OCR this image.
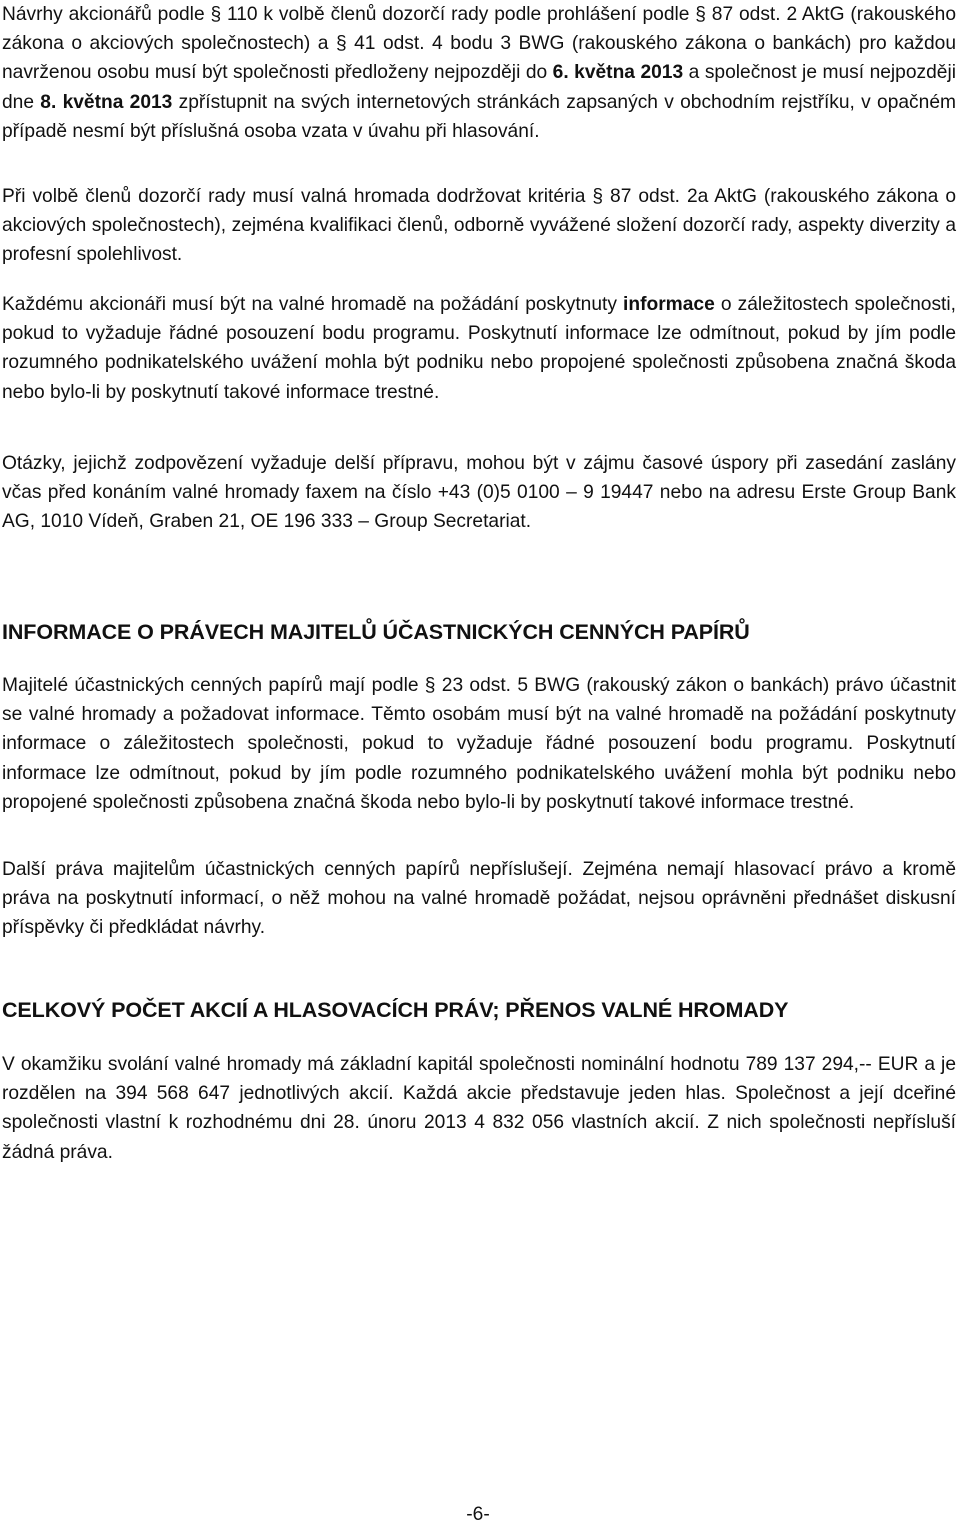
Návrhy akcionářů podle § 110 k volbě členů dozorčí rady podle prohlášení podle § 87 odst. 2 AktG (rakouského zákona o akciových společnostech) a § 41 odst. 4 bodu 3 BWG (rakouského zákona o bankách) pro každou navrženou osobu musí být společnosti předloženy nejpozději do 6. května 2013 a společnost je musí nejpozději dne 8. května 2013 zpřístupnit na svých internetových stránkách zapsaných v obchodním rejstříku, v opačném případě nesmí být příslušná osoba vzata v úvahu při hlasování.

Při volbě členů dozorčí rady musí valná hromada dodržovat kritéria § 87 odst. 2a AktG (rakouského zákona o akciových společnostech), zejména kvalifikaci členů, odborně vyvážené složení dozorčí rady, aspekty diverzity a profesní spolehlivost.

Každému akcionáři musí být na valné hromadě na požádání poskytnuty informace o záležitostech společnosti, pokud to vyžaduje řádné posouzení bodu programu. Poskytnutí informace lze odmítnout, pokud by jím podle rozumného podnikatelského uvážení mohla být podniku nebo propojené společnosti způsobena značná škoda nebo bylo-li by poskytnutí takové informace trestné.

Otázky, jejichž zodpovězení vyžaduje delší přípravu, mohou být v zájmu časové úspory při zasedání zaslány včas před konáním valné hromady faxem na číslo +43 (0)5 0100 – 9 19447 nebo na adresu Erste Group Bank AG, 1010 Vídeň, Graben 21, OE 196 333 – Group Secretariat.

INFORMACE O PRÁVECH MAJITELŮ ÚČASTNICKÝCH CENNÝCH PAPÍRŮ

Majitelé účastnických cenných papírů mají podle § 23 odst. 5 BWG (rakouský zákon o bankách) právo účastnit se valné hromady a požadovat informace. Těmto osobám musí být na valné hromadě na požádání poskytnuty informace o záležitostech společnosti, pokud to vyžaduje řádné posouzení bodu programu. Poskytnutí informace lze odmítnout, pokud by jím podle rozumného podnikatelského uvážení mohla být podniku nebo propojené společnosti způsobena značná škoda nebo bylo-li by poskytnutí takové informace trestné.

Další práva majitelům účastnických cenných papírů nepříslušejí. Zejména nemají hlasovací právo a kromě práva na poskytnutí informací, o něž mohou na valné hromadě požádat, nejsou oprávněni přednášet diskusní příspěvky či předkládat návrhy.

CELKOVÝ POČET AKCIÍ A HLASOVACÍCH PRÁV; PŘENOS VALNÉ HROMADY

V okamžiku svolání valné hromady má základní kapitál společnosti nominální hodnotu 789 137 294,-- EUR a je rozdělen na 394 568 647 jednotlivých akcií. Každá akcie představuje jeden hlas. Společnost a její dceřiné společnosti vlastní k rozhodnému dni 28. únoru 2013 4 832 056 vlastních akcií. Z nich společnosti nepřísluší žádná práva.

-6-
